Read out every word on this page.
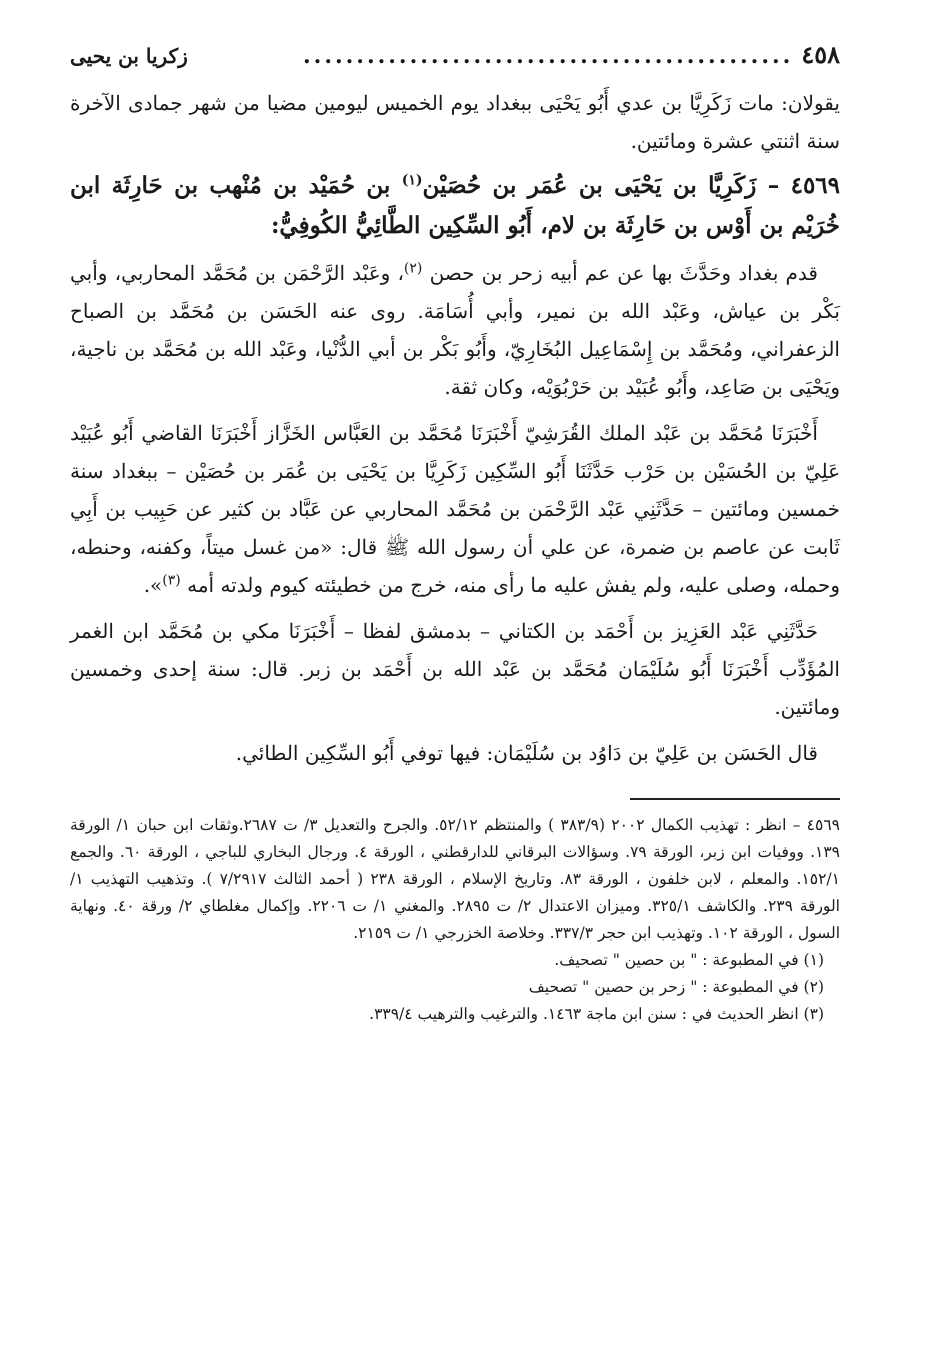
٤٥٨
..............................................
زكريا بن يحيى

يقولان: مات زَكَرِيَّا بن عدي أَبُو يَحْيَى ببغداد يوم الخميس ليومين مضيا من شهر جمادى الآخرة سنة اثنتي عشرة ومائتين.

٤٥٦٩ – زَكَرِيَّا بن يَحْيَى بن عُمَر بن حُصَيْن$^{(١)}$ بن حُمَيْد بن مُنْهب بن حَارِثَة ابن خُرَيْم بن أَوْس بن حَارِثَة بن لام، أَبُو السِّكِين الطَّائِيُّ الكُوفِيُّ:

قدم بغداد وحَدَّثَ بها عن عم أبيه زحر بن حصن $^{(٢)}$، وعَبْد الرَّحْمَن بن مُحَمَّد المحاربي، وأبي بَكْر بن عياش، وعَبْد الله بن نمير، وأبي أُسَامَة. روى عنه الحَسَن بن مُحَمَّد بن الصباح الزعفراني، ومُحَمَّد بن إِسْمَاعِيل البُخَارِيّ، وأَبُو بَكْر بن أبي الدُّنْيا، وعَبْد الله بن مُحَمَّد بن ناجية، ويَحْيَى بن صَاعِد، وأَبُو عُبَيْد بن حَرْبُوَيْه، وكان ثقة.

أَخْبَرَنَا مُحَمَّد بن عَبْد الملك القُرَشِيّ أَخْبَرَنَا مُحَمَّد بن العَبَّاس الخَزَّاز أَخْبَرَنَا القاضي أَبُو عُبَيْد عَلِيّ بن الحُسَيْن بن حَرْب حَدَّثَنَا أَبُو السِّكِين زَكَرِيَّا بن يَحْيَى بن عُمَر بن حُصَيْن – ببغداد سنة خمسين ومائتين – حَدَّثَنِي عَبْد الرَّحْمَن بن مُحَمَّد المحاربي عن عَبَّاد بن كثير عن حَبِيب بن أَبِي ثَابت عن عاصم بن ضمرة، عن علي أن رسول الله ﷺ قال: «من غسل ميتاً، وكفنه، وحنطه، وحمله، وصلى عليه، ولم يفش عليه ما رأى منه، خرج من خطيئته كيوم ولدته أمه $^{(٣)}$».

حَدَّثَنِي عَبْد العَزِيز بن أَحْمَد بن الكتاني – بدمشق لفظا – أَخْبَرَنَا مكي بن مُحَمَّد ابن الغمر المُؤَدِّب أَخْبَرَنَا أَبُو سُلَيْمَان مُحَمَّد بن عَبْد الله بن أَحْمَد بن زبر. قال: سنة إحدى وخمسين ومائتين.

قال الحَسَن بن عَلِيّ بن دَاوُد بن سُلَيْمَان: فيها توفي أَبُو السِّكِين الطائي.

٤٥٦٩ – انظر : تهذيب الكمال ٢٠٠٢ (٣٨٣/٩ ) والمنتظم ٥٢/١٢. والجرح والتعديل ٣/ ت ٢٦٨٧.وثقات ابن حبان ١/ الورقة ١٣٩. ووفيات ابن زبر، الورقة ٧٩. وسؤالات البرقاني للدارقطني ، الورقة ٤. ورجال البخاري للباجي ، الورقة ٦٠. والجمع ١٥٢/١. والمعلم ، لابن خلفون ، الورقة ٨٣. وتاريخ الإسلام ، الورقة ٢٣٨ ( أحمد الثالث ٧/٢٩١٧ ). وتذهيب التهذيب ١/ الورقة ٢٣٩. والكاشف ٣٢٥/١. وميزان الاعتدال ٢/ ت ٢٨٩٥. والمغني ١/ ت ٢٢٠٦. وإكمال مغلطاي ٢/ ورقة ٤٠. ونهاية السول ، الورقة ١٠٢. وتهذيب ابن حجر ٣٣٧/٣. وخلاصة الخزرجي ١/ ت ٢١٥٩.

(١) في المطبوعة : " بن حصين " تصحيف.

(٢) في المطبوعة : " زحر بن حصين " تصحيف

(٣) انظر الحديث في : سنن ابن ماجة ١٤٦٣. والترغيب والترهيب ٣٣٩/٤.
